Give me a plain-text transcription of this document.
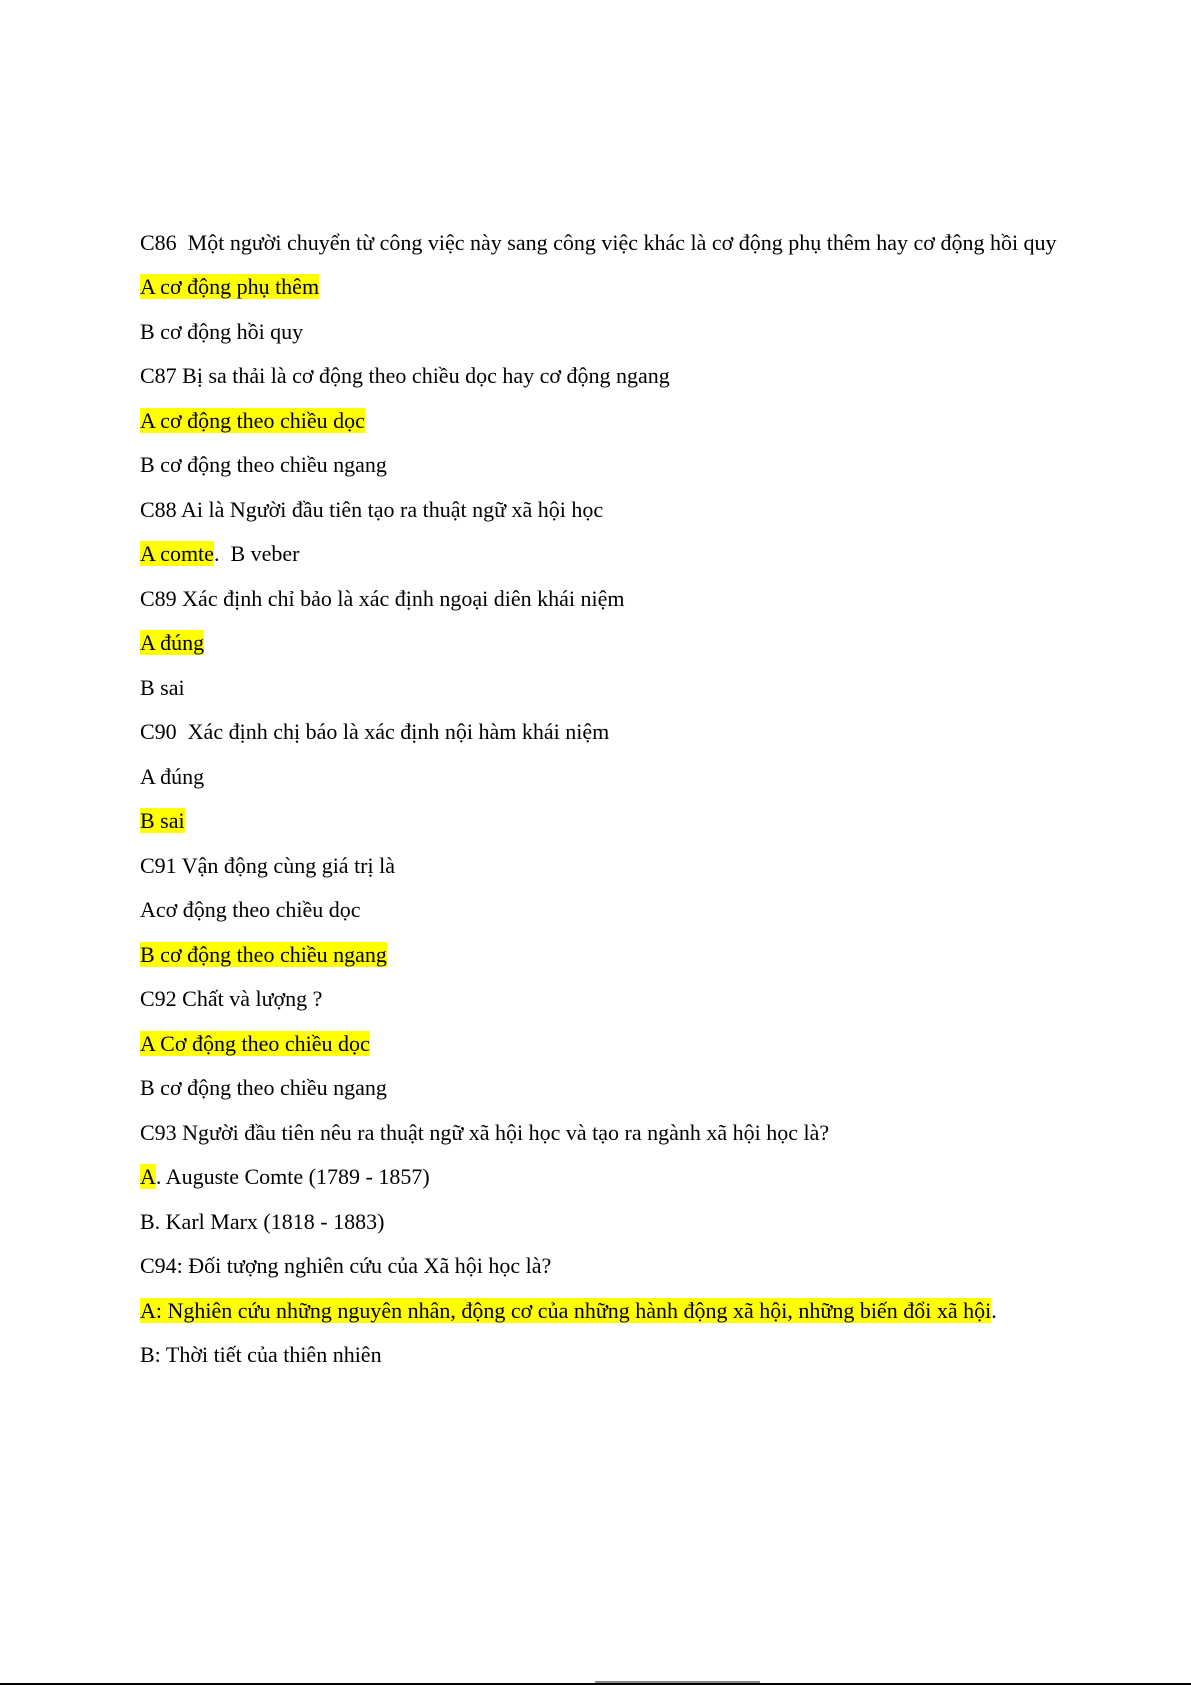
C86  Một người chuyển từ công việc này sang công việc khác là cơ động phụ thêm hay cơ động hồi quy
A cơ động phụ thêm
B cơ động hồi quy
C87 Bị sa thải là cơ động theo chiều dọc hay cơ động ngang
A cơ động theo chiều dọc
B cơ động theo chiều ngang
C88 Ai là Người đầu tiên tạo ra thuật ngữ xã hội học
A comte.  B veber
C89 Xác định chỉ bảo là xác định ngoại diên khái niệm
A đúng
B sai
C90  Xác định chị báo là xác định nội hàm khái niệm
A đúng
B sai
C91 Vận động cùng giá trị là
Acơ động theo chiều dọc
B cơ động theo chiều ngang
C92 Chất và lượng ?
A Cơ động theo chiều dọc
B cơ động theo chiều ngang
C93 Người đầu tiên nêu ra thuật ngữ xã hội học và tạo ra ngành xã hội học là?
A. Auguste Comte (1789 - 1857)
B. Karl Marx (1818 - 1883)
C94: Đối tượng nghiên cứu của Xã hội học là?
A: Nghiên cứu những nguyên nhân, động cơ của những hành động xã hội, những biến đổi xã hội.
B: Thời tiết của thiên nhiên
